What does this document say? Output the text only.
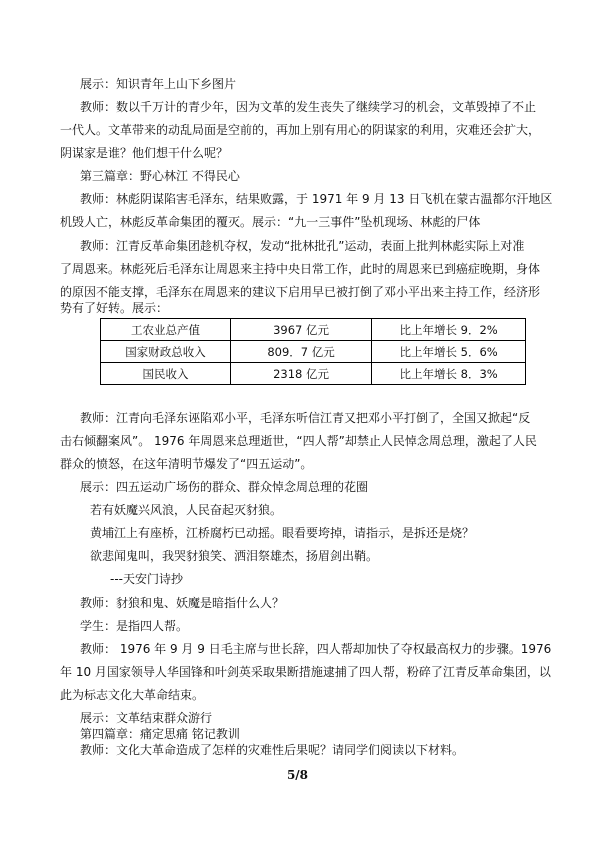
展示：知识青年上山下乡图片
教师：数以千万计的青少年，因为文革的发生丧失了继续学习的机会，文革毁掉了不止
一代人。文革带来的动乱局面是空前的，再加上别有用心的阴谋家的利用，灾难还会扩大，
阴谋家是谁？他们想干什么呢？
第三篇章：野心林江 不得民心
教师：林彪阴谋陷害毛泽东，结果败露，于 1971 年 9 月 13 日飞机在蒙古温都尔汗地区
机毁人亡，林彪反革命集团的覆灭。展示：“九一三事件”坠机现场、林彪的尸体
教师：江青反革命集团趁机夺权，发动“批林批孔”运动，表面上批判林彪实际上对准
了周恩来。林彪死后毛泽东让周恩来主持中央日常工作，此时的周恩来已到癌症晚期，身体
的原因不能支撑，毛泽东在周恩来的建议下启用早已被打倒了邓小平出来主持工作，经济形
势有了好转。展示：
工农业总产值	3967 亿元	比上年增长 9．2%
国家财政总收入	809．7 亿元	比上年增长 5．6%
国民收入	2318 亿元	比上年增长 8．3%
教师：江青向毛泽东诬陷邓小平，毛泽东听信江青又把邓小平打倒了，全国又掀起“反
击右倾翻案风”。 1976 年周恩来总理逝世，“四人帮”却禁止人民悼念周总理，激起了人民
群众的愤怒，在这年清明节爆发了“四五运动”。
展示：四五运动广场伤的群众、群众悼念周总理的花圈
若有妖魔兴风浪，人民奋起灭豺狼。
黄埔江上有座桥，江桥腐朽已动摇。眼看要垮掉，请指示，是拆还是烧？
欲悲闻鬼叫，我哭豺狼笑、洒泪祭雄杰，扬眉剑出鞘。
---天安门诗抄
教师：豺狼和鬼、妖魔是暗指什么人？
学生：是指四人帮。
教师： 1976 年 9 月 9 日毛主席与世长辞，四人帮却加快了夺权最高权力的步骤。1976
年 10 月国家领导人华国锋和叶剑英采取果断措施逮捕了四人帮，粉碎了江青反革命集团，以
此为标志文化大革命结束。
展示：文革结束群众游行
第四篇章：痛定思痛 铭记教训
教师：文化大革命造成了怎样的灾难性后果呢？请同学们阅读以下材料。
5/8
